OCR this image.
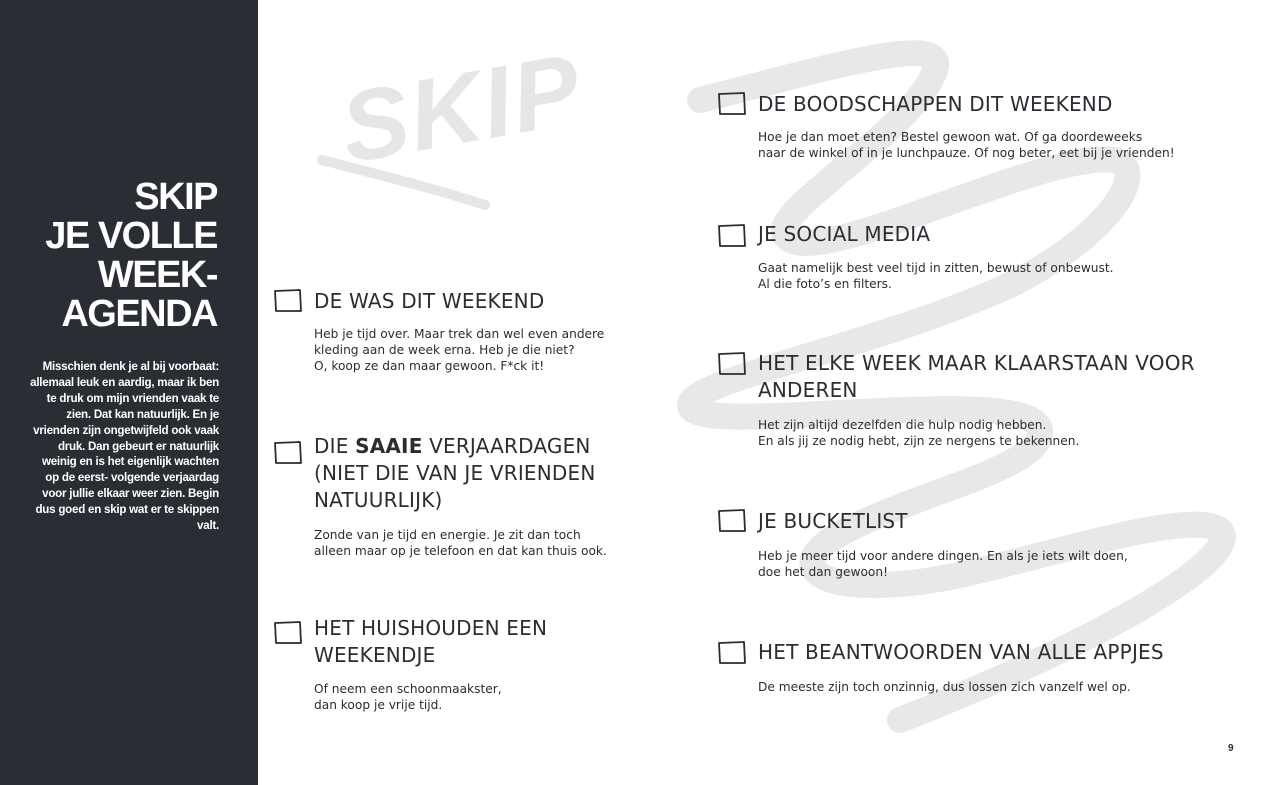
SKIP
SKIP
JE VOLLE
WEEK-
AGENDA
Misschien denk je al bij voorbaat: allemaal leuk en aardig, maar ik ben te druk om mijn vrienden vaak te zien. Dat kan natuurlijk. En je vrienden zijn ongetwijfeld ook vaak druk. Dan gebeurt er natuurlijk weinig en is het eigenlijk wachten op de eerst- volgende verjaardag voor jullie elkaar weer zien. Begin dus goed en skip wat er te skippen valt.
DE WAS DIT WEEKEND
Heb je tijd over. Maar trek dan wel even andere
kleding aan de week erna. Heb je die niet?
O, koop ze dan maar gewoon. F*ck it!
DIE SAAIE VERJAARDAGEN
(NIET DIE VAN JE VRIENDEN
NATUURLIJK)
Zonde van je tijd en energie. Je zit dan toch
alleen maar op je telefoon en dat kan thuis ook.
HET HUISHOUDEN EEN
WEEKENDJE
Of neem een schoonmaakster,
dan koop je vrije tijd.
DE BOODSCHAPPEN DIT WEEKEND
Hoe je dan moet eten? Bestel gewoon wat. Of ga doordeweeks
naar de winkel of in je lunchpauze. Of nog beter, eet bij je vrienden!
JE SOCIAL MEDIA
Gaat namelijk best veel tijd in zitten, bewust of onbewust.
Al die foto’s en filters.
HET ELKE WEEK MAAR KLAARSTAAN VOOR
ANDEREN
Het zijn altijd dezelfden die hulp nodig hebben.
En als jij ze nodig hebt, zijn ze nergens te bekennen.
JE BUCKETLIST
Heb je meer tijd voor andere dingen. En als je iets wilt doen,
doe het dan gewoon!
HET BEANTWOORDEN VAN ALLE APPJES
De meeste zijn toch onzinnig, dus lossen zich vanzelf wel op.
9
